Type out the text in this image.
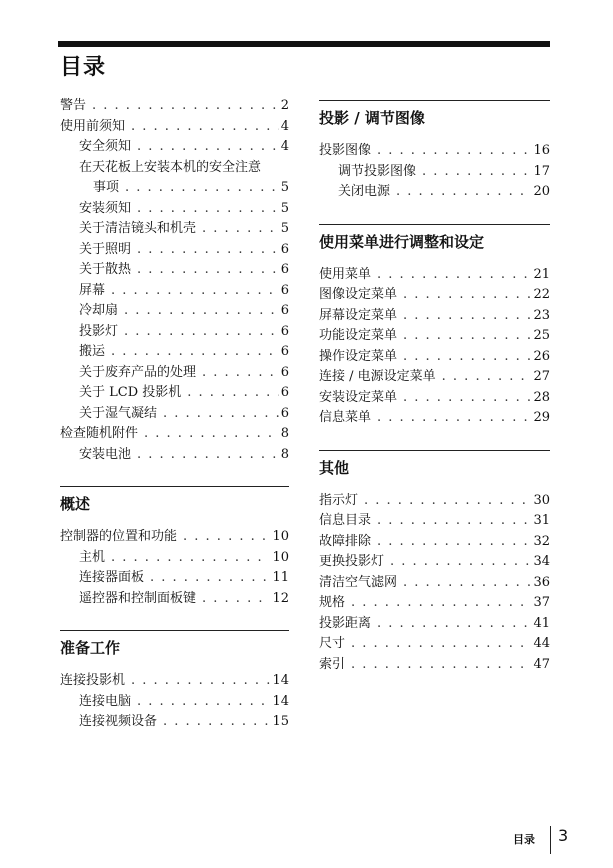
目录
警告 . . .	2
使用前须知 . . .	4
安全须知 . . .	4
在天花板上安装本机的安全注意
事项 . . .	5
安装须知 . . .	5
关于清洁镜头和机壳 . . .	5
关于照明 . . .	6
关于散热 . . .	6
屏幕 . . .	6
冷却扇 . . .	6
投影灯 . . .	6
搬运 . . .	6
关于废弃产品的处理 . . .	6
关于 LCD 投影机 . . .	6
关于湿气凝结 . . .	6
检查随机附件 . . .	8
安装电池 . . .	8
概述
控制器的位置和功能 . . .	10
主机 . . .	10
连接器面板 . . .	11
遥控器和控制面板键 . . .	12
准备工作
连接投影机 . . .	14
连接电脑 . . .	14
连接视频设备 . . .	15
投影 / 调节图像
投影图像 . . .	16
调节投影图像 . . .	17
关闭电源 . . .	20
使用菜单进行调整和设定
使用菜单 . . .	21
图像设定菜单 . . .	22
屏幕设定菜单 . . .	23
功能设定菜单 . . .	25
操作设定菜单 . . .	26
连接 / 电源设定菜单 . . .	27
安装设定菜单 . . .	28
信息菜单 . . .	29
其他
指示灯 . . .	30
信息目录 . . .	31
故障排除 . . .	32
更换投影灯 . . .	34
清洁空气滤网 . . .	36
规格 . . .	37
投影距离 . . .	41
尺寸 . . .	44
索引 . . .	47
目录 3
